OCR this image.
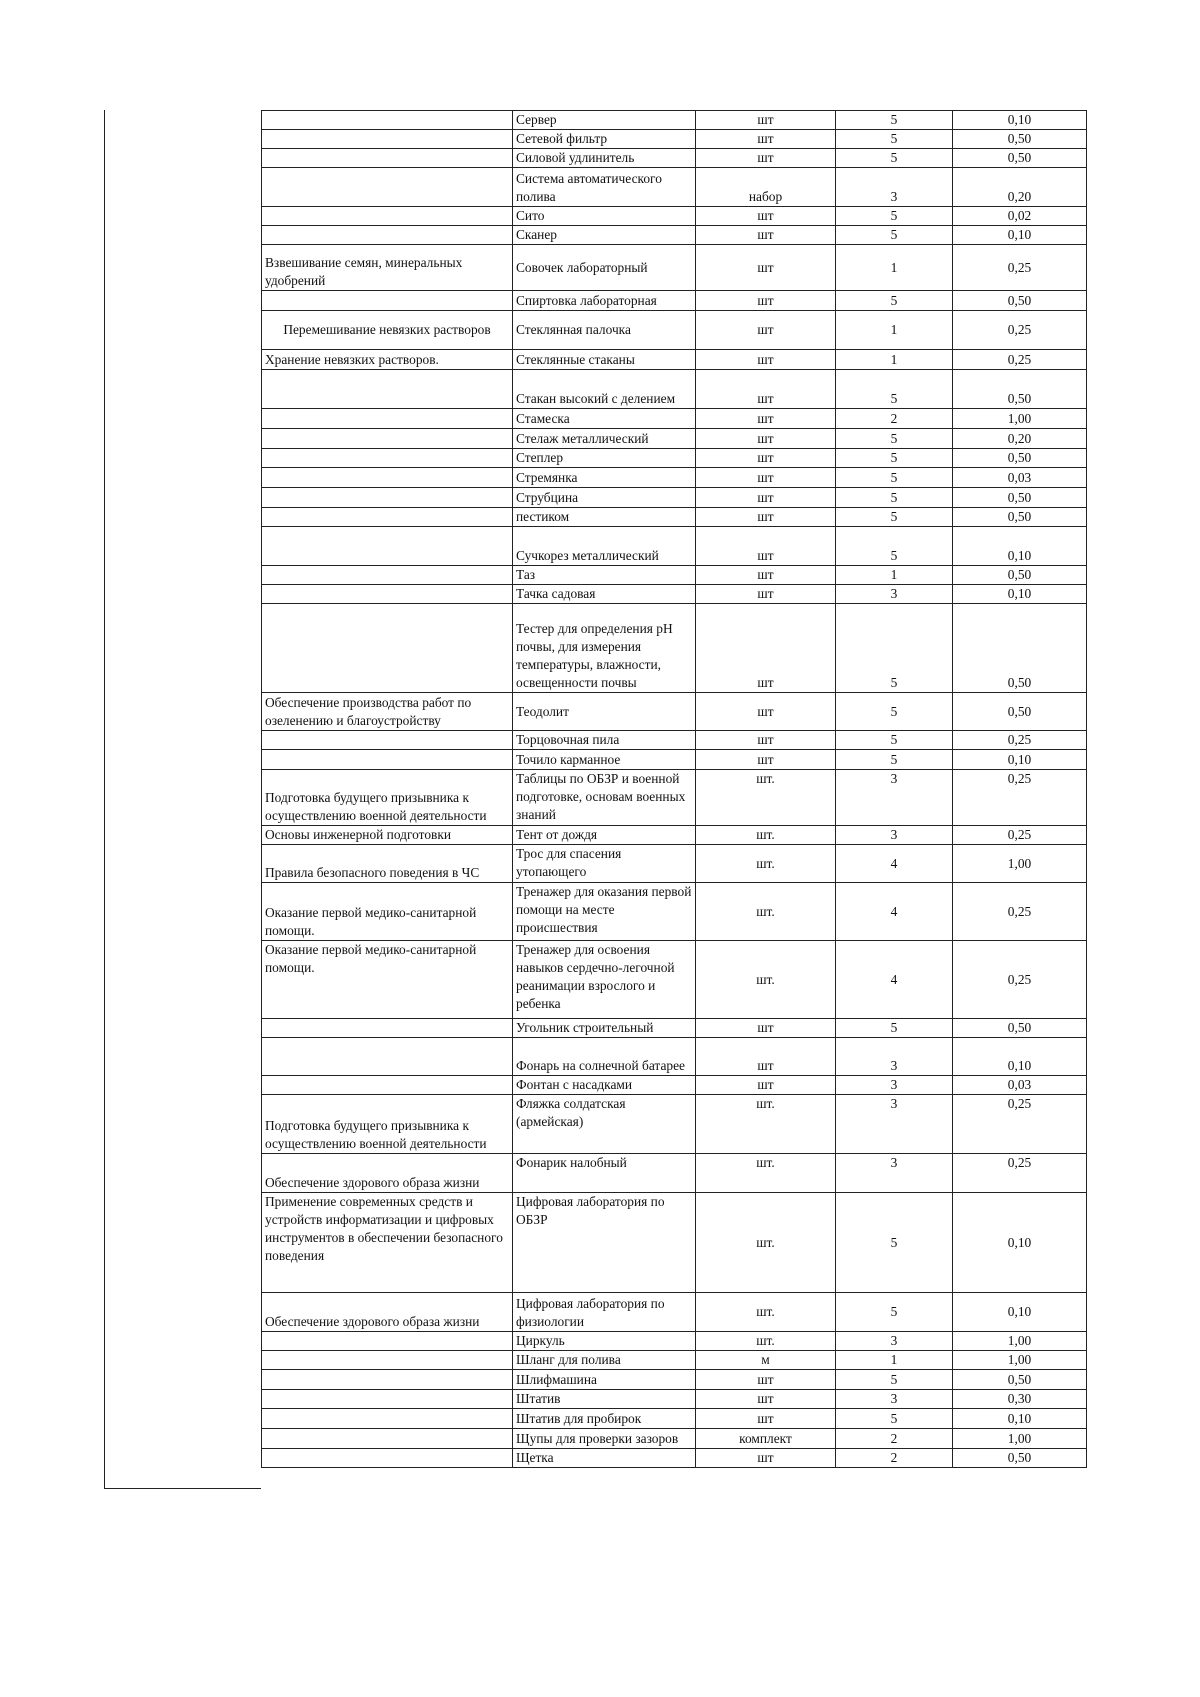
	Сервер	шт	5	0,10
	Сетевой фильтр	шт	5	0,50
	Силовой удлинитель	шт	5	0,50
	Система автоматического полива	набор	3	0,20
	Сито	шт	5	0,02
	Сканер	шт	5	0,10
Взвешивание семян, минеральных удобрений	Совочек лабораторный	шт	1	0,25
	Спиртовка лабораторная	шт	5	0,50
Перемешивание невязких растворов	Стеклянная палочка	шт	1	0,25
Хранение невязких растворов.	Стеклянные стаканы	шт	1	0,25
	Стакан высокий с делением	шт	5	0,50
	Стамеска	шт	2	1,00
	Стелаж металлический	шт	5	0,20
	Степлер	шт	5	0,50
	Стремянка	шт	5	0,03
	Струбцина	шт	5	0,50
	пестиком	шт	5	0,50
	Сучкорез металлический	шт	5	0,10
	Таз	шт	1	0,50
	Тачка садовая	шт	3	0,10
	Тестер для определения pH почвы, для измерения температуры, влажности, освещенности почвы	шт	5	0,50
Обеспечение производства работ по озеленению и благоустройству	Теодолит	шт	5	0,50
	Торцовочная пила	шт	5	0,25
	Точило карманное	шт	5	0,10
Подготовка будущего призывника к осуществлению военной деятельности	Таблицы по ОБЗР и военной подготовке, основам военных знаний	шт.	3	0,25
Основы инженерной подготовки	Тент от дождя	шт.	3	0,25
Правила безопасного поведения в ЧС	Трос для спасения утопающего	шт.	4	1,00
Оказание первой медико-санитарной помощи.	Тренажер для оказания первой помощи на месте происшествия	шт.	4	0,25
Оказание первой медико-санитарной помощи.	Тренажер для освоения навыков сердечно-легочной реанимации взрослого и ребенка	шт.	4	0,25
	Угольник строительный	шт	5	0,50
	Фонарь на солнечной батарее	шт	3	0,10
	Фонтан с насадками	шт	3	0,03
Подготовка будущего призывника к осуществлению военной деятельности	Фляжка солдатская (армейская)	шт.	3	0,25
Обеспечение здорового образа жизни	Фонарик налобный	шт.	3	0,25
Применение современных средств и устройств информатизации и цифровых инструментов в обеспечении безопасного поведения	Цифровая лаборатория по ОБЗР	шт.	5	0,10
Обеспечение здорового образа жизни	Цифровая лаборатория по физиологии	шт.	5	0,10
	Циркуль	шт.	3	1,00
	Шланг для полива	м	1	1,00
	Шлифмашина	шт	5	0,50
	Штатив	шт	3	0,30
	Штатив для пробирок	шт	5	0,10
	Щупы для проверки зазоров	комплект	2	1,00
	Щетка	шт	2	0,50
